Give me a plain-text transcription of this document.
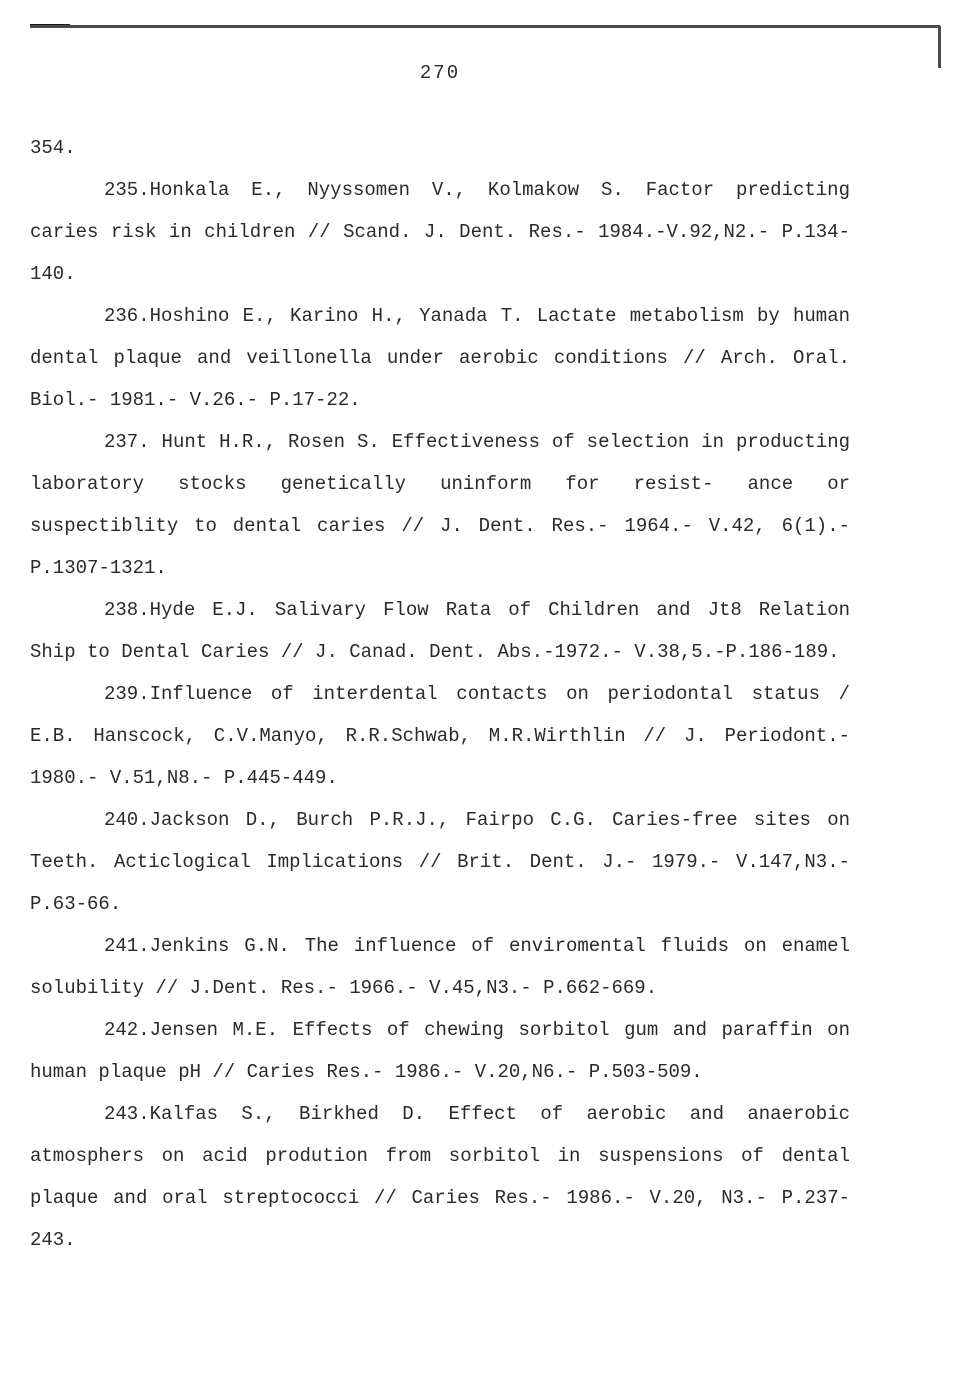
270

354.

235.Honkala E., Nyyssomen V., Kolmakow S. Factor predicting caries risk in children // Scand. J. Dent. Res.- 1984.-V.92,N2.- P.134-140.

236.Hoshino E., Karino H., Yanada T. Lactate metabolism by human dental plaque and veillonella under aerobic conditions // Arch. Oral. Biol.- 1981.- V.26.- P.17-22.

237. Hunt H.R., Rosen S. Effectiveness of selection in producting laboratory stocks genetically uninform for resist- ance or suspectiblity to dental caries // J. Dent. Res.- 1964.- V.42, 6(1).- P.1307-1321.

238.Hyde E.J. Salivary Flow Rata of Children and Jt8 Relation Ship to Dental Caries // J. Canad. Dent. Abs.-1972.- V.38,5.-P.186-189.

239.Influence of interdental contacts on periodontal status / E.B. Hanscock, C.V.Manyo, R.R.Schwab, M.R.Wirthlin // J. Periodont.- 1980.- V.51,N8.- P.445-449.

240.Jackson D., Burch P.R.J., Fairpo C.G. Caries-free sites on Teeth. Acticlogical Implications // Brit. Dent. J.- 1979.- V.147,N3.- P.63-66.

241.Jenkins G.N. The influence of enviromental fluids on enamel solubility // J.Dent. Res.- 1966.- V.45,N3.- P.662-669.

242.Jensen M.E. Effects of chewing sorbitol gum and paraffin on human plaque pH // Caries Res.- 1986.- V.20,N6.- P.503-509.

243.Kalfas S., Birkhed D. Effect of aerobic and anaerobic atmosphers on acid prodution from sorbitol in suspensions of dental plaque and oral streptococci // Caries Res.- 1986.- V.20, N3.- P.237-243.
